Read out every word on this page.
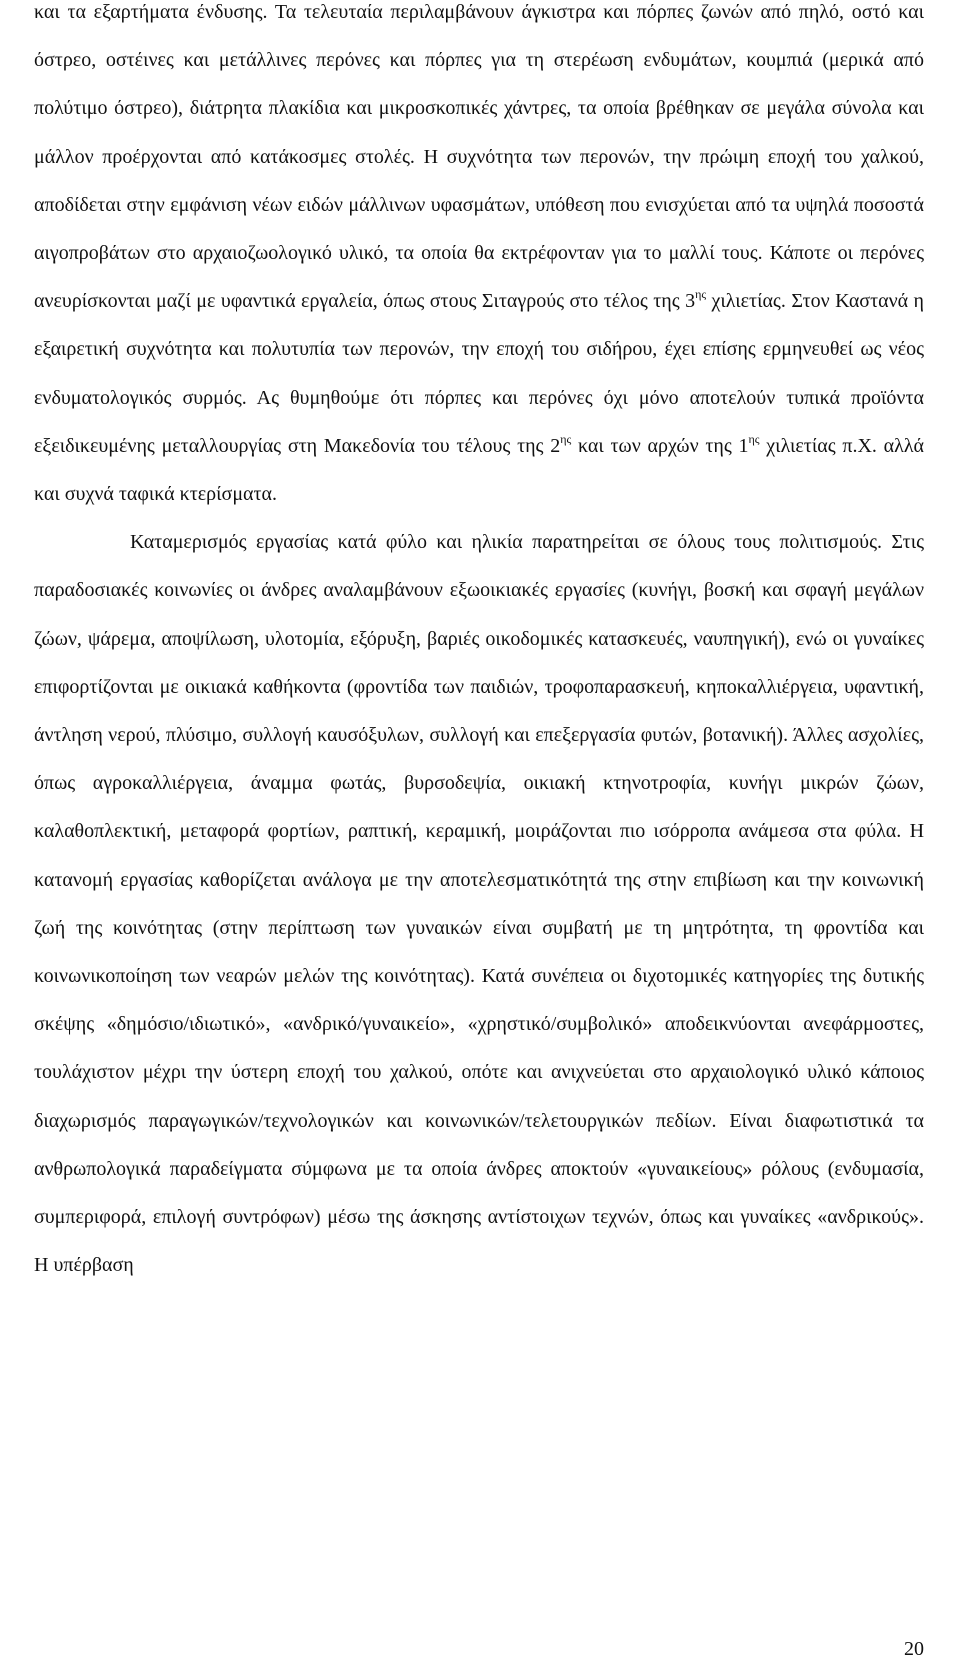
και τα εξαρτήματα ένδυσης. Τα τελευταία περιλαμβάνουν άγκιστρα και πόρπες ζωνών από πηλό, οστό και όστρεο, οστέινες και μετάλλινες περόνες και πόρπες για τη στερέωση ενδυμάτων, κουμπιά (μερικά από πολύτιμο όστρεο), διάτρητα πλακίδια και μικροσκοπικές χάντρες, τα οποία βρέθηκαν σε μεγάλα σύνολα και μάλλον προέρχονται από κατάκοσμες στολές. Η συχνότητα των περονών, την πρώιμη εποχή του χαλκού, αποδίδεται στην εμφάνιση νέων ειδών μάλλινων υφασμάτων, υπόθεση που ενισχύεται από τα υψηλά ποσοστά αιγοπροβάτων στο αρχαιοζωολογικό υλικό, τα οποία θα εκτρέφονταν για το μαλλί τους. Κάποτε οι περόνες ανευρίσκονται μαζί με υφαντικά εργαλεία, όπως στους Σιταγρούς στο τέλος της $3^{\eta\varsigma}$ χιλιετίας. Στον Καστανά η εξαιρετική συχνότητα και πολυτυπία των περονών, την εποχή του σιδήρου, έχει επίσης ερμηνευθεί ως νέος ενδυματολογικός συρμός. Ας θυμηθούμε ότι πόρπες και περόνες όχι μόνο αποτελούν τυπικά προϊόντα εξειδικευμένης μεταλλουργίας στη Μακεδονία του τέλους της $2^{\eta\varsigma}$ και των αρχών της $1^{\eta\varsigma}$ χιλιετίας π.Χ. αλλά και συχνά ταφικά κτερίσματα.

Καταμερισμός εργασίας κατά φύλο και ηλικία παρατηρείται σε όλους τους πολιτισμούς. Στις παραδοσιακές κοινωνίες οι άνδρες αναλαμβάνουν εξωοικιακές εργασίες (κυνήγι, βοσκή και σφαγή μεγάλων ζώων, ψάρεμα, αποψίλωση, υλοτομία, εξόρυξη, βαριές οικοδομικές κατασκευές, ναυπηγική), ενώ οι γυναίκες επιφορτίζονται με οικιακά καθήκοντα (φροντίδα των παιδιών, τροφοπαρασκευή, κηποκαλλιέργεια, υφαντική, άντληση νερού, πλύσιμο, συλλογή καυσόξυλων, συλλογή και επεξεργασία φυτών, βοτανική). Άλλες ασχολίες, όπως αγροκαλλιέργεια, άναμμα φωτάς, βυρσοδεψία, οικιακή κτηνοτροφία, κυνήγι μικρών ζώων, καλαθοπλεκτική, μεταφορά φορτίων, ραπτική, κεραμική, μοιράζονται πιο ισόρροπα ανάμεσα στα φύλα. Η κατανομή εργασίας καθορίζεται ανάλογα με την αποτελεσματικότητά της στην επιβίωση και την κοινωνική ζωή της κοινότητας (στην περίπτωση των γυναικών είναι συμβατή με τη μητρότητα, τη φροντίδα και κοινωνικοποίηση των νεαρών μελών της κοινότητας). Κατά συνέπεια οι διχοτομικές κατηγορίες της δυτικής σκέψης «δημόσιο/ιδιωτικό», «ανδρικό/γυναικείο», «χρηστικό/συμβολικό» αποδεικνύονται ανεφάρμοστες, τουλάχιστον μέχρι την ύστερη εποχή του χαλκού, οπότε και ανιχνεύεται στο αρχαιολογικό υλικό κάποιος διαχωρισμός παραγωγικών/τεχνολογικών και κοινωνικών/τελετουργικών πεδίων. Είναι διαφωτιστικά τα ανθρωπολογικά παραδείγματα σύμφωνα με τα οποία άνδρες αποκτούν «γυναικείους» ρόλους (ενδυμασία, συμπεριφορά, επιλογή συντρόφων) μέσω της άσκησης αντίστοιχων τεχνών, όπως και γυναίκες «ανδρικούς». Η υπέρβαση

20
